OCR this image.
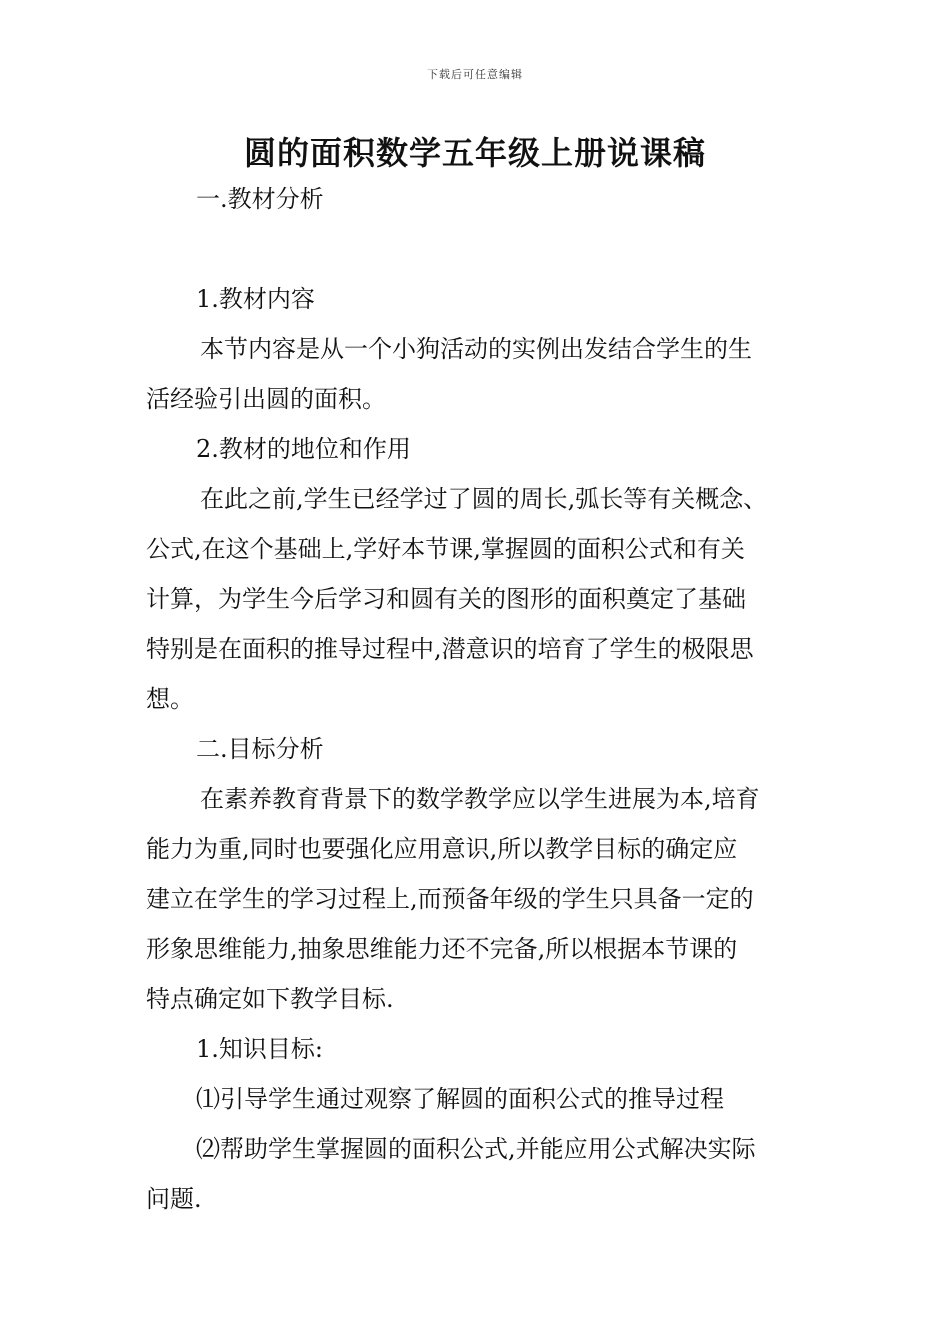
下载后可任意编辑
圆的面积数学五年级上册说课稿

一.教材分析

1.教材内容

本节内容是从一个小狗活动的实例出发结合学生的生

活经验引出圆的面积。

2.教材的地位和作用

在此之前,学生已经学过了圆的周长,弧长等有关概念、

公式,在这个基础上,学好本节课,掌握圆的面积公式和有关

计算，为学生今后学习和圆有关的图形的面积奠定了基础

特别是在面积的推导过程中,潜意识的培育了学生的极限思

想。

二.目标分析

在素养教育背景下的数学教学应以学生进展为本,培育

能力为重,同时也要强化应用意识,所以教学目标的确定应

建立在学生的学习过程上,而预备年级的学生只具备一定的

形象思维能力,抽象思维能力还不完备,所以根据本节课的

特点确定如下教学目标.

1.知识目标:

⑴引导学生通过观察了解圆的面积公式的推导过程

⑵帮助学生掌握圆的面积公式,并能应用公式解决实际

问题.
